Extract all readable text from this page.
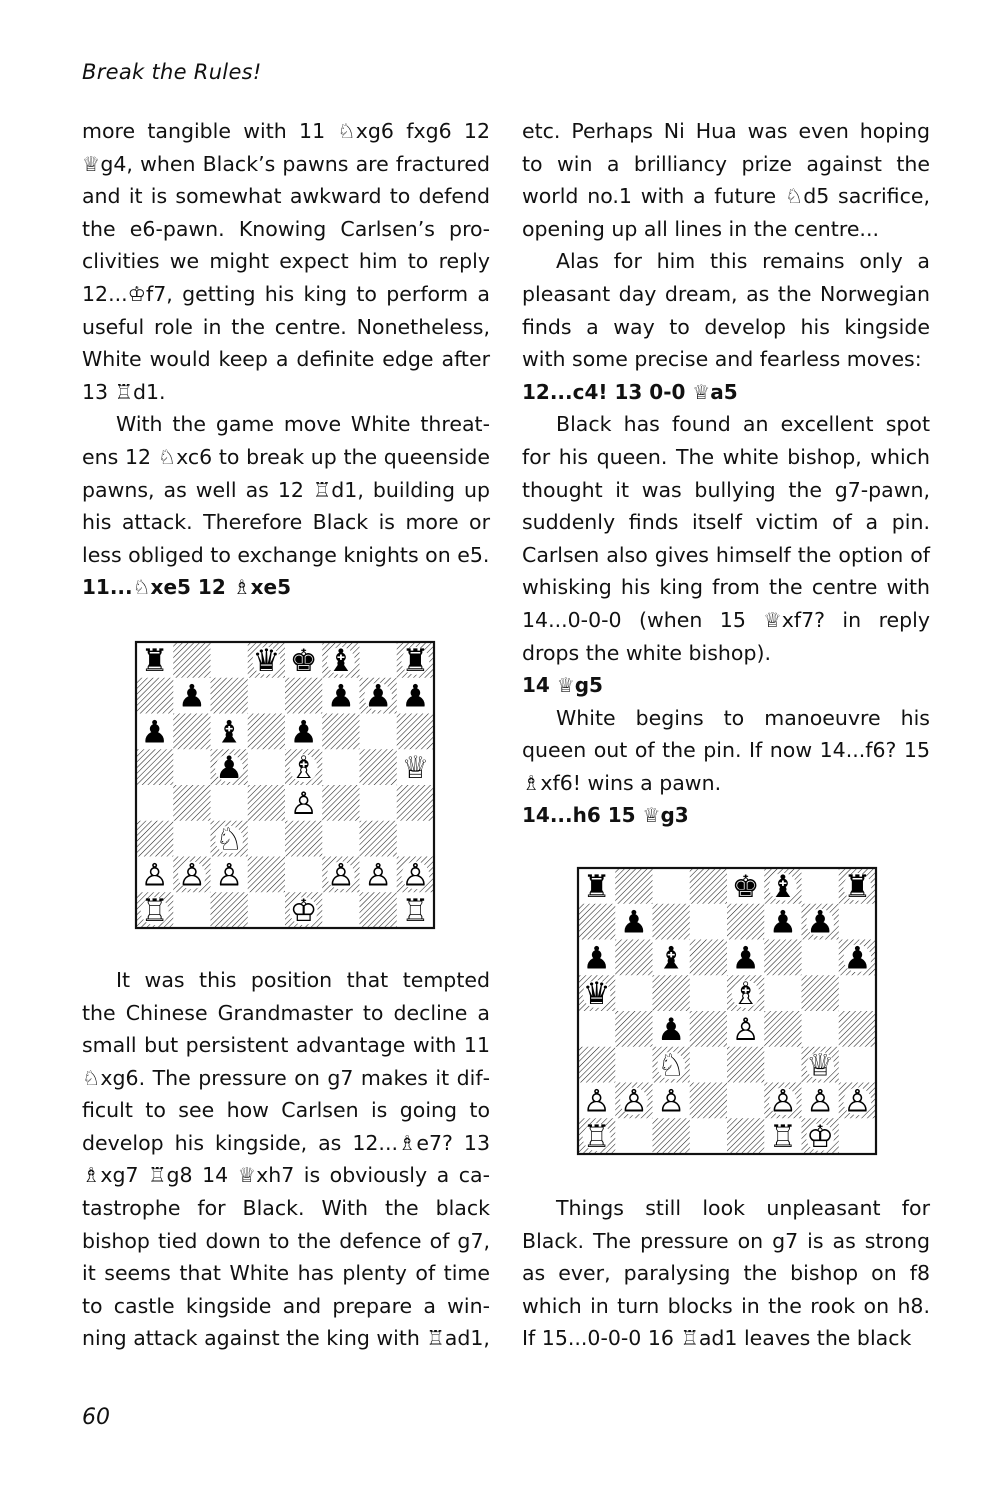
Break the Rules!

more tangible with 11 ♘xg6 fxg6 12 ♕g4, when Black’s pawns are fractured and it is somewhat awkward to defend the e6-pawn. Knowing Carlsen’s proclivities we might expect him to reply 12...♔f7, getting his king to perform a useful role in the centre. Nonetheless, White would keep a definite edge after 13 ♖d1.

With the game move White threatens 12 ♘xc6 to break up the queenside pawns, as well as 12 ♖d1, building up his attack. Therefore Black is more or less obliged to exchange knights on e5.

11...♘xe5 12 ♗xe5

♜	♛ ♚ ♝ ♜
♟	♟ ♟ ♟
♟ ♝ ♟
♟ ♗	♕
♙
♘
♙ ♙ ♙	♙ ♙ ♙
♖	♔	♖

It was this position that tempted the Chinese Grandmaster to decline a small but persistent advantage with 11 ♘xg6. The pressure on g7 makes it difficult to see how Carlsen is going to develop his kingside, as 12...♗e7? 13 ♗xg7 ♖g8 14 ♕xh7 is obviously a catastrophe for Black. With the black bishop tied down to the defence of g7, it seems that White has plenty of time to castle kingside and prepare a winning attack against the king with ♖ad1,

etc. Perhaps Ni Hua was even hoping to win a brilliancy prize against the world no.1 with a future ♘d5 sacrifice, opening up all lines in the centre...

Alas for him this remains only a pleasant day dream, as the Norwegian finds a way to develop his kingside with some precise and fearless moves:

12...c4! 13 0-0 ♕a5

Black has found an excellent spot for his queen. The white bishop, which thought it was bullying the g7-pawn, suddenly finds itself victim of a pin. Carlsen also gives himself the option of whisking his king from the centre with 14...0-0-0 (when 15 ♕xf7? in reply drops the white bishop).

14 ♕g5

White begins to manoeuvre his queen out of the pin. If now 14...f6? 15 ♗xf6! wins a pawn.

14...h6 15 ♕g3

♜	♚ ♝ ♜
♟	♟ ♟
♟ ♝ ♟	♟
♛	♗
♟ ♙
♘	♕
♙ ♙ ♙	♙ ♙ ♙
♖	♖ ♔

Things still look unpleasant for Black. The pressure on g7 is as strong as ever, paralysing the bishop on f8 which in turn blocks in the rook on h8. If 15...0-0-0 16 ♖ad1 leaves the black

60
